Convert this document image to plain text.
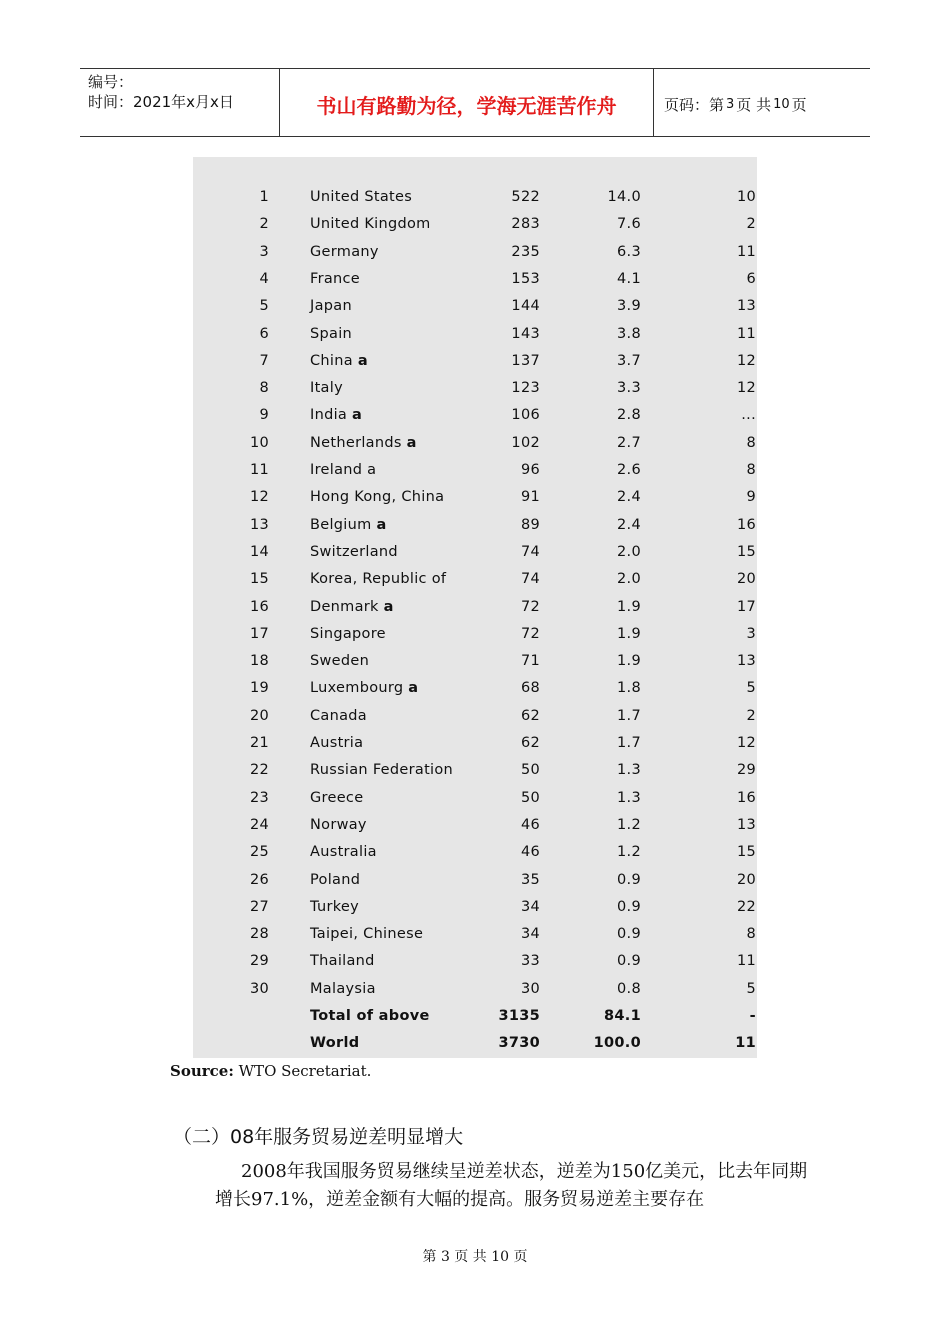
编号：
时间：2021年x月x日	书山有路勤为径，学海无涯苦作舟	页码：第 3 页 共 10 页
1	United States	522	14.0	10
2	United Kingdom	283	7.6	2
3	Germany	235	6.3	11
4	France	153	4.1	6
5	Japan	144	3.9	13
6	Spain	143	3.8	11
7	China a	137	3.7	12
8	Italy	123	3.3	12
9	India a	106	2.8	...
10	Netherlands a	102	2.7	8
11	Ireland a	96	2.6	8
12	Hong Kong, China	91	2.4	9
13	Belgium a	89	2.4	16
14	Switzerland	74	2.0	15
15	Korea, Republic of	74	2.0	20
16	Denmark a	72	1.9	17
17	Singapore	72	1.9	3
18	Sweden	71	1.9	13
19	Luxembourg a	68	1.8	5
20	Canada	62	1.7	2
21	Austria	62	1.7	12
22	Russian Federation	50	1.3	29
23	Greece	50	1.3	16
24	Norway	46	1.2	13
25	Australia	46	1.2	15
26	Poland	35	0.9	20
27	Turkey	34	0.9	22
28	Taipei, Chinese	34	0.9	8
29	Thailand	33	0.9	11
30	Malaysia	30	0.8	5
Total of above	3135	84.1	-
World	3730	100.0	11
Source: WTO Secretariat.
（二）08年服务贸易逆差明显增大
2008年我国服务贸易继续呈逆差状态，逆差为150亿美元，比去年同期增长97.1%，逆差金额有大幅的提高。服务贸易逆差主要存在
第 3 页 共 10 页
